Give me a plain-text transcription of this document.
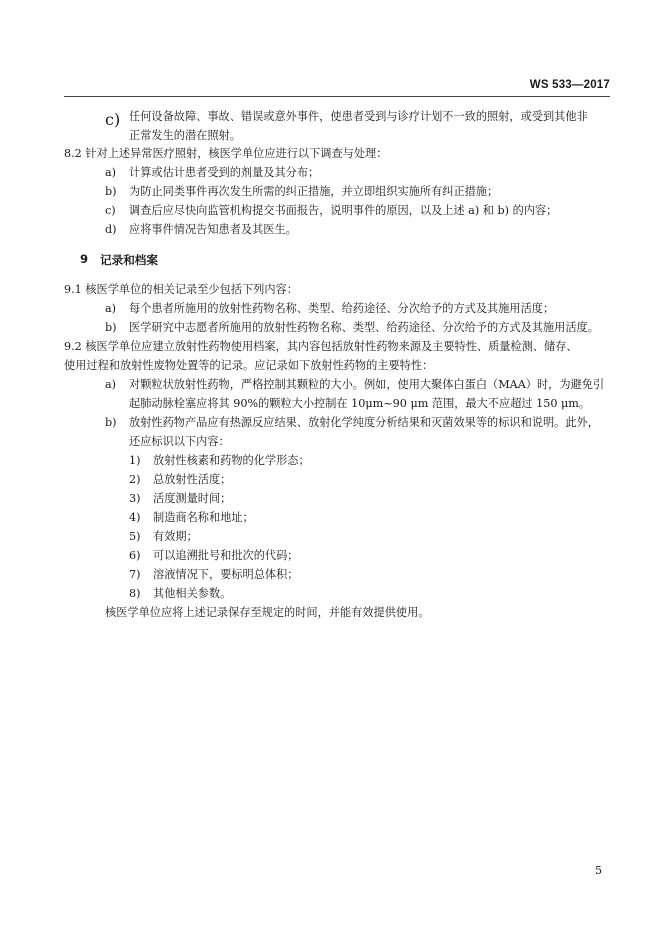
WS 533—2017
c) 任何设备故障、事故、错误或意外事件，使患者受到与诊疗计划不一致的照射，或受到其他非
正常发生的潜在照射。
8.2 针对上述异常医疗照射，核医学单位应进行以下调查与处理：
a) 计算或估计患者受到的剂量及其分布；
b) 为防止同类事件再次发生所需的纠正措施，并立即组织实施所有纠正措施；
c) 调查后应尽快向监管机构提交书面报告，说明事件的原因，以及上述 a) 和 b) 的内容；
d) 应将事件情况告知患者及其医生。
9 记录和档案
9.1 核医学单位的相关记录至少包括下列内容：
a) 每个患者所施用的放射性药物名称、类型、给药途径、分次给予的方式及其施用活度；
b) 医学研究中志愿者所施用的放射性药物名称、类型、给药途径、分次给予的方式及其施用活度。
9.2 核医学单位应建立放射性药物使用档案，其内容包括放射性药物来源及主要特性、质量检测、储存、
使用过程和放射性废物处置等的记录。应记录如下放射性药物的主要特性：
a) 对颗粒状放射性药物，严格控制其颗粒的大小。例如，使用大聚体白蛋白（MAA）时，为避免引
起肺动脉栓塞应将其 90%的颗粒大小控制在 10μm~90 μm 范围，最大不应超过 150 μm。
b) 放射性药物产品应有热源反应结果、放射化学纯度分析结果和灭菌效果等的标识和说明。此外，
还应标识以下内容：
1) 放射性核素和药物的化学形态；
2) 总放射性活度；
3) 活度测量时间；
4) 制造商名称和地址；
5) 有效期；
6) 可以追溯批号和批次的代码；
7) 溶液情况下，要标明总体积；
8) 其他相关参数。
核医学单位应将上述记录保存至规定的时间，并能有效提供使用。
5
